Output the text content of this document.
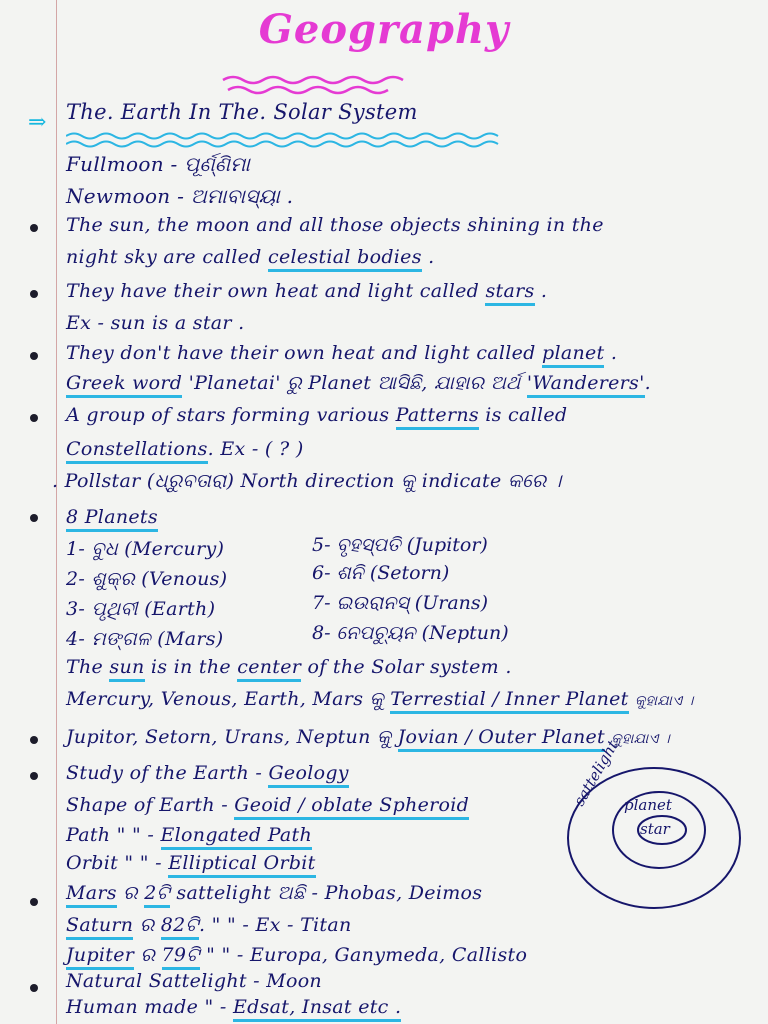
Geography
⇒ The. Earth In The. Solar System
Fullmoon - ପୂର୍ଣ୍ଣିମା
Newmoon - ଅମାବାସ୍ୟା .
The sun, the moon and all those objects shining in the
night sky are called celestial bodies .
They have their own heat and light called stars .
Ex - sun is a star .
They don't have their own heat and light called planet .
Greek word 'Planetai' ରୁ Planet ଆସିଛି, ଯାହାର ଅର୍ଥ 'Wanderers'.
A group of stars forming various Patterns is called
Constellations. Ex - ( ? )
. Pollstar (ଧ୍ରୁବତାରା) North direction କୁ indicate କରେ ।
8 Planets
1- ବୁଧ (Mercury)
2- ଶୁକ୍ର (Venous)
3- ପୃଥିବୀ (Earth)
4- ମଙ୍ଗଳ (Mars)
5- ବୃହସ୍ପତି (Jupitor)
6- ଶନି (Setorn)
7- ଇଉରାନସ୍ (Urans)
8- ନେପଚ୍ୟୁନ (Neptun)
The sun is in the center of the Solar system .
Mercury, Venous, Earth, Mars କୁ Terrestial / Inner Planet କୁହାଯାଏ ।
Jupitor, Setorn, Urans, Neptun କୁ Jovian / Outer Planet କୁହାଯାଏ ।
Study of the Earth - Geology
Shape of Earth - Geoid / oblate Spheroid
Path " " - Elongated Path
Orbit " " - Elliptical Orbit
Mars ର 2ଟି sattelight ଅଛି - Phobas, Deimos
Saturn ର 82ଟି. " " - Ex - Titan
Jupiter ର 79ଟି " " - Europa, Ganymeda, Callisto
Natural Sattelight - Moon
Human made " - Edsat, Insat etc .
sattelight planet
star
